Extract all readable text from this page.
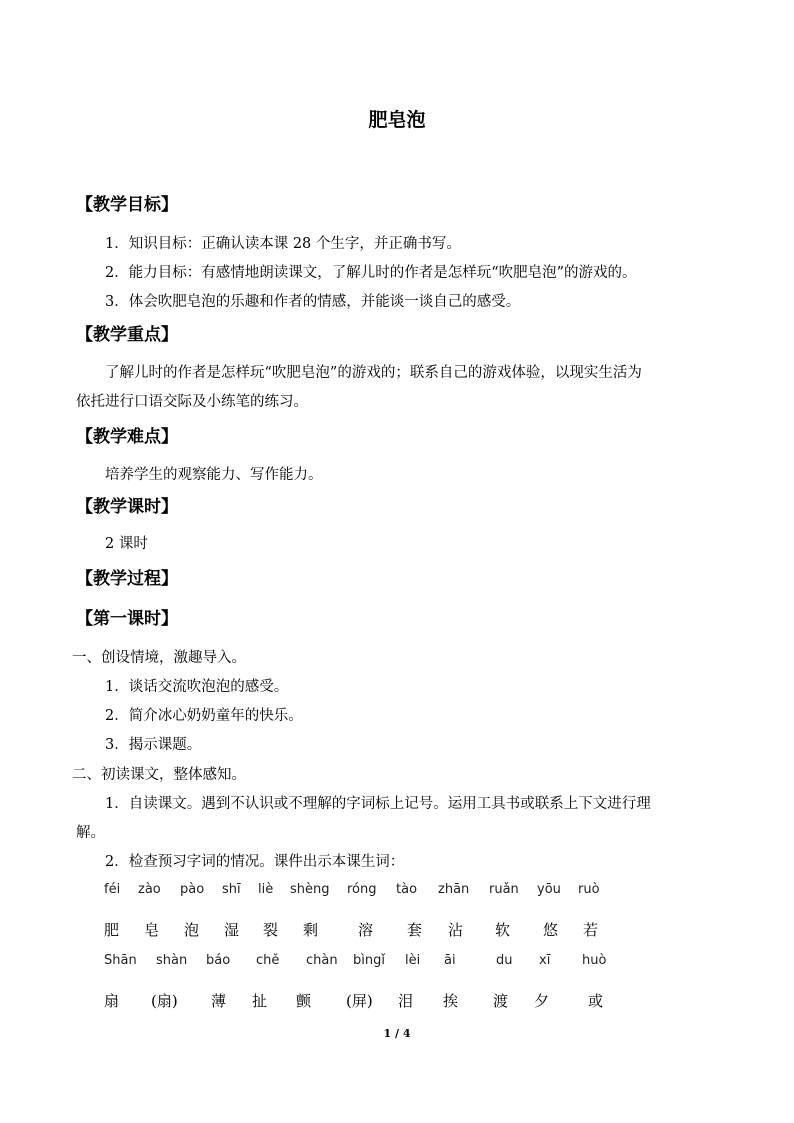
肥皂泡
【教学目标】
1．知识目标：正确认读本课 28 个生字，并正确书写。
2．能力目标：有感情地朗读课文，了解儿时的作者是怎样玩“吹肥皂泡”的游戏的。
3．体会吹肥皂泡的乐趣和作者的情感，并能谈一谈自己的感受。
【教学重点】
了解儿时的作者是怎样玩“吹肥皂泡”的游戏的；联系自己的游戏体验，以现实生活为
依托进行口语交际及小练笔的练习。
【教学难点】
培养学生的观察能力、写作能力。
【教学课时】
2 课时
【教学过程】
【第一课时】
一、创设情境，激趣导入。
1．谈话交流吹泡泡的感受。
2．简介冰心奶奶童年的快乐。
3．揭示课题。
二、初读课文，整体感知。
1．自读课文。遇到不认识或不理解的字词标上记号。运用工具书或联系上下文进行理
解。
2．检查预习字词的情况。课件出示本课生词：
féi zào pào shī liè shèng róng tào zhān ruǎn yōu ruò
肥 皂 泡 湿 裂 剩	溶 套 沾 软 悠 若
Shān shàn báo chě chàn bìngǐ lèi āi	du xī huò
扇 (扇) 薄 扯 颤 (屏) 泪 挨 渡 夕	或
1 / 4
